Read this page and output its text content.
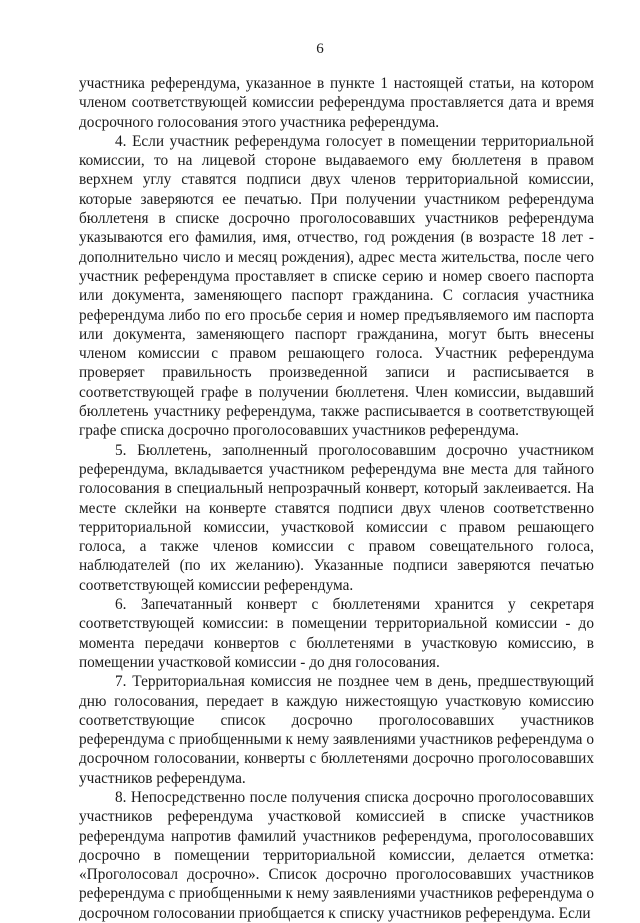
6

участника референдума, указанное в пункте 1 настоящей статьи, на котором членом соответствующей комиссии референдума проставляется дата и время досрочного голосования этого участника референдума.

4. Если участник референдума голосует в помещении территориальной комиссии, то на лицевой стороне выдаваемого ему бюллетеня в правом верхнем углу ставятся подписи двух членов территориальной комиссии, которые заверяются ее печатью. При получении участником референдума бюллетеня в списке досрочно проголосовавших участников референдума указываются его фамилия, имя, отчество, год рождения (в возрасте 18 лет - дополнительно число и месяц рождения), адрес места жительства, после чего участник референдума проставляет в списке серию и номер своего паспорта или документа, заменяющего паспорт гражданина. С согласия участника референдума либо по его просьбе серия и номер предъявляемого им паспорта или документа, заменяющего паспорт гражданина, могут быть внесены членом комиссии с правом решающего голоса. Участник референдума проверяет правильность произведенной записи и расписывается в соответствующей графе в получении бюллетеня. Член комиссии, выдавший бюллетень участнику референдума, также расписывается в соответствующей графе списка досрочно проголосовавших участников референдума.

5. Бюллетень, заполненный проголосовавшим досрочно участником референдума, вкладывается участником референдума вне места для тайного голосования в специальный непрозрачный конверт, который заклеивается. На месте склейки на конверте ставятся подписи двух членов соответственно территориальной комиссии, участковой комиссии с правом решающего голоса, а также членов комиссии с правом совещательного голоса, наблюдателей (по их желанию). Указанные подписи заверяются печатью соответствующей комиссии референдума.

6. Запечатанный конверт с бюллетенями хранится у секретаря соответствующей комиссии: в помещении территориальной комиссии - до момента передачи конвертов с бюллетенями в участковую комиссию, в помещении участковой комиссии - до дня голосования.

7. Территориальная комиссия не позднее чем в день, предшествующий дню голосования, передает в каждую нижестоящую участковую комиссию соответствующие список досрочно проголосовавших участников референдума с приобщенными к нему заявлениями участников референдума о досрочном голосовании, конверты с бюллетенями досрочно проголосовавших участников референдума.

8. Непосредственно после получения списка досрочно проголосовавших участников референдума участковой комиссией в списке участников референдума напротив фамилий участников референдума, проголосовавших досрочно в помещении территориальной комиссии, делается отметка: «Проголосовал досрочно». Список досрочно проголосовавших участников референдума с приобщенными к нему заявлениями участников референдума о досрочном голосовании приобщается к списку участников референдума. Если
